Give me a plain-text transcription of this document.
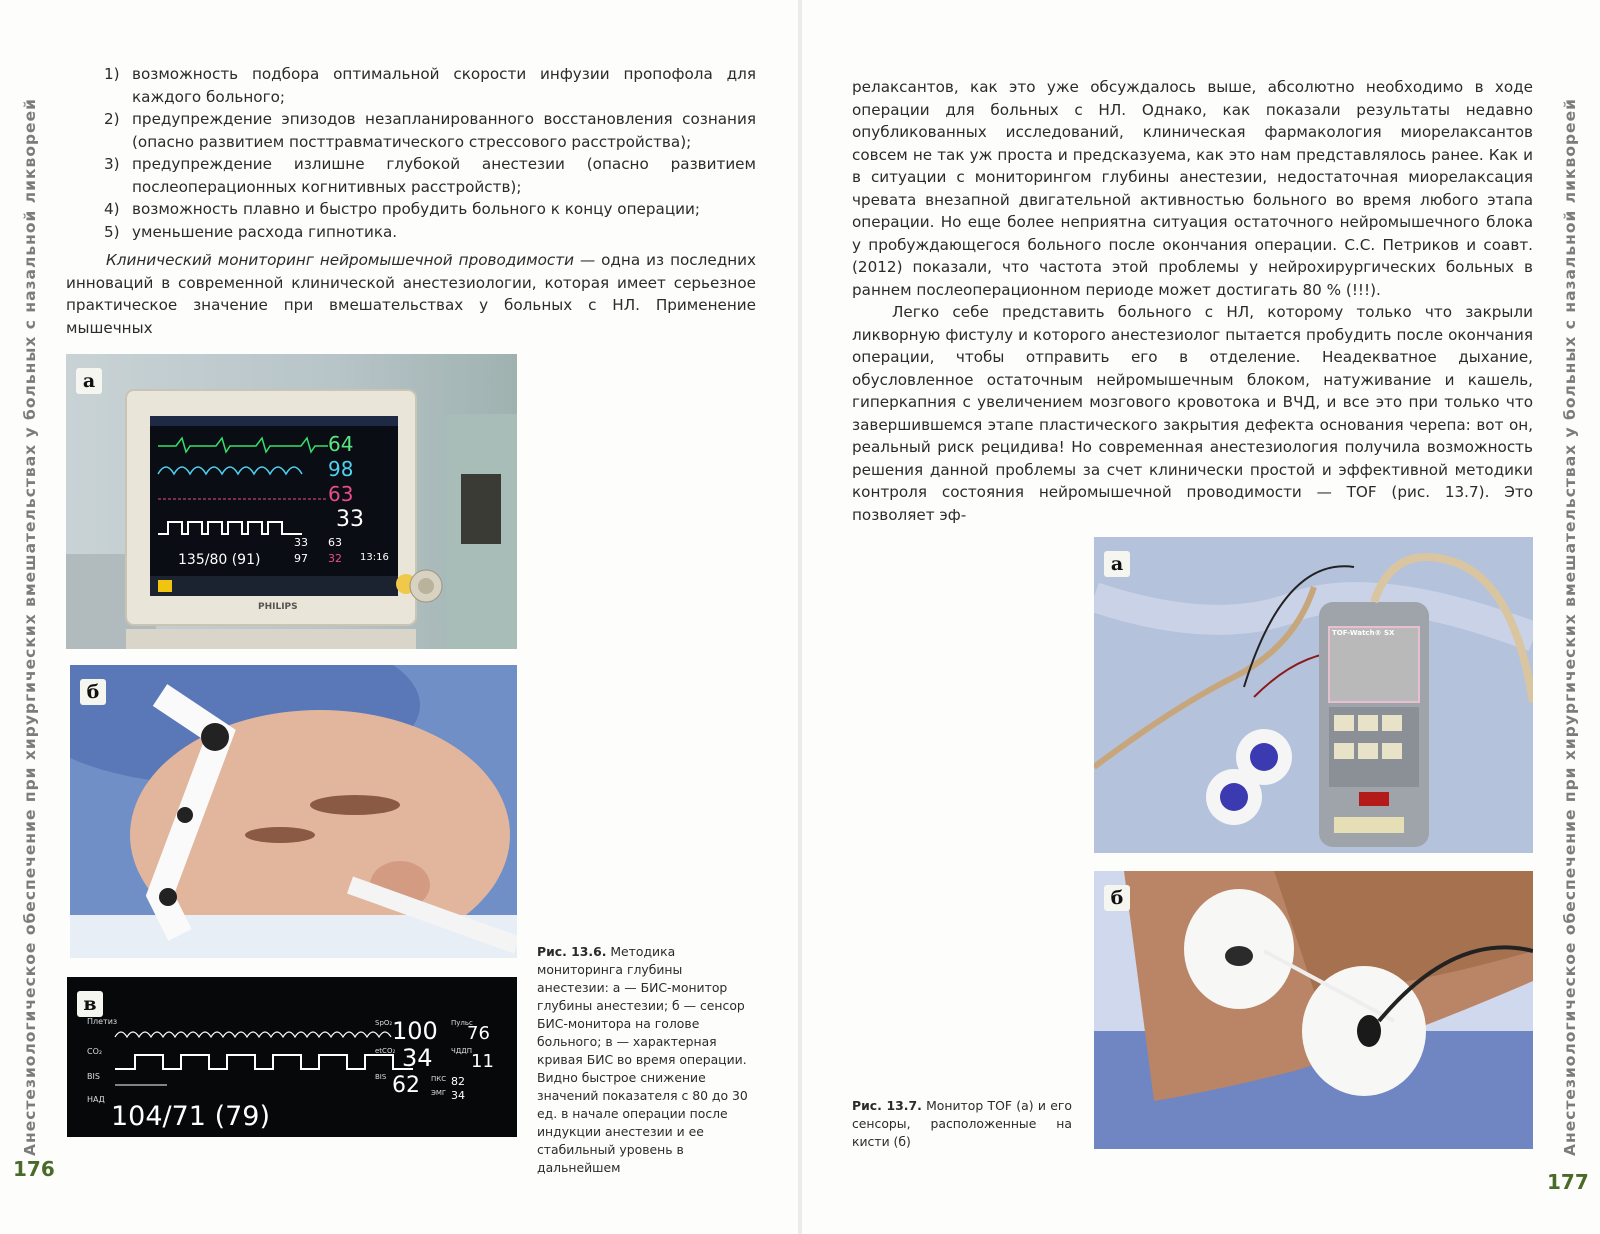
Анестезиологическое обеспечение при хирургических вмешательствах у больных с назальной ликвореей
176
1) возможность подбора оптимальной скорости инфузии пропофола для каждого больного;
2) предупреждение эпизодов незапланированного восстановления сознания (опасно развитием посттравматического стрессового расстройства);
3) предупреждение излишне глубокой анестезии (опасно развитием послеоперационных когнитивных расстройств);
4) возможность плавно и быстро пробудить больного к концу операции;
5) уменьшение расхода гипнотика.
Клинический мониторинг нейромышечной проводимости — одна из последних инноваций в современной клинической анестезиологии, которая имеет серьезное практическое значение при вмешательствах у больных с НЛ. Применение мышечных
а
64
98
63
33
135/80 (91)
33
97
63
32 13:16
PHILIPS
б
в
Плетиз
CO₂
BIS
НАД
SpO₂
etCO₂
BIS
Пульс
ЧДДП
ПКС
ЭМГ
100
34
62
76
11
82
34
104/71 (79)
Рис. 13.6. Методика мониторинга глубины анестезии: а — БИС-монитор глубины анестезии; б — сенсор БИС-монитора на голове больного; в — характерная кривая БИС во время операции. Видно быстрое снижение значений показателя с 80 до 30 ед. в начале операции после индукции анестезии и ее стабильный уровень в дальнейшем
Анестезиологическое обеспечение при хирургических вмешательствах у больных с назальной ликвореей
177

релаксантов, как это уже обсуждалось выше, абсолютно необходимо в ходе операции для больных с НЛ. Однако, как показали результаты недавно опубликованных исследований, клиническая фармакология миорелаксантов совсем не так уж проста и предсказуема, как это нам представлялось ранее. Как и в ситуации с мониторингом глубины анестезии, недостаточная миорелаксация чревата внезапной двигательной активностью больного во время любого этапа операции. Но еще более неприятна ситуация остаточного нейромышечного блока у пробуждающегося больного после окончания операции. С.С. Петриков и соавт. (2012) показали, что частота этой проблемы у нейрохирургических больных в раннем послеоперационном периоде может достигать 80 % (!!!).

Легко себе представить больного с НЛ, которому только что закрыли ликворную фистулу и которого анестезиолог пытается пробудить после окончания операции, чтобы отправить его в отделение. Неадекватное дыхание, обусловленное остаточным нейромышечным блоком, натуживание и кашель, гиперкапния с увеличением мозгового кровотока и ВЧД, и все это при только что завершившемся этапе пластического закрытия дефекта основания черепа: вот он, реальный риск рецидива! Но современная анестезиология получила возможность решения данной проблемы за счет клинически простой и эффективной методики контроля состояния нейромышечной проводимости — TOF (рис. 13.7). Это позволяет эф-

а
TOF-Watch® SX
б
Рис. 13.7. Монитор TOF (а) и его сенсоры, расположенные на кисти (б)
